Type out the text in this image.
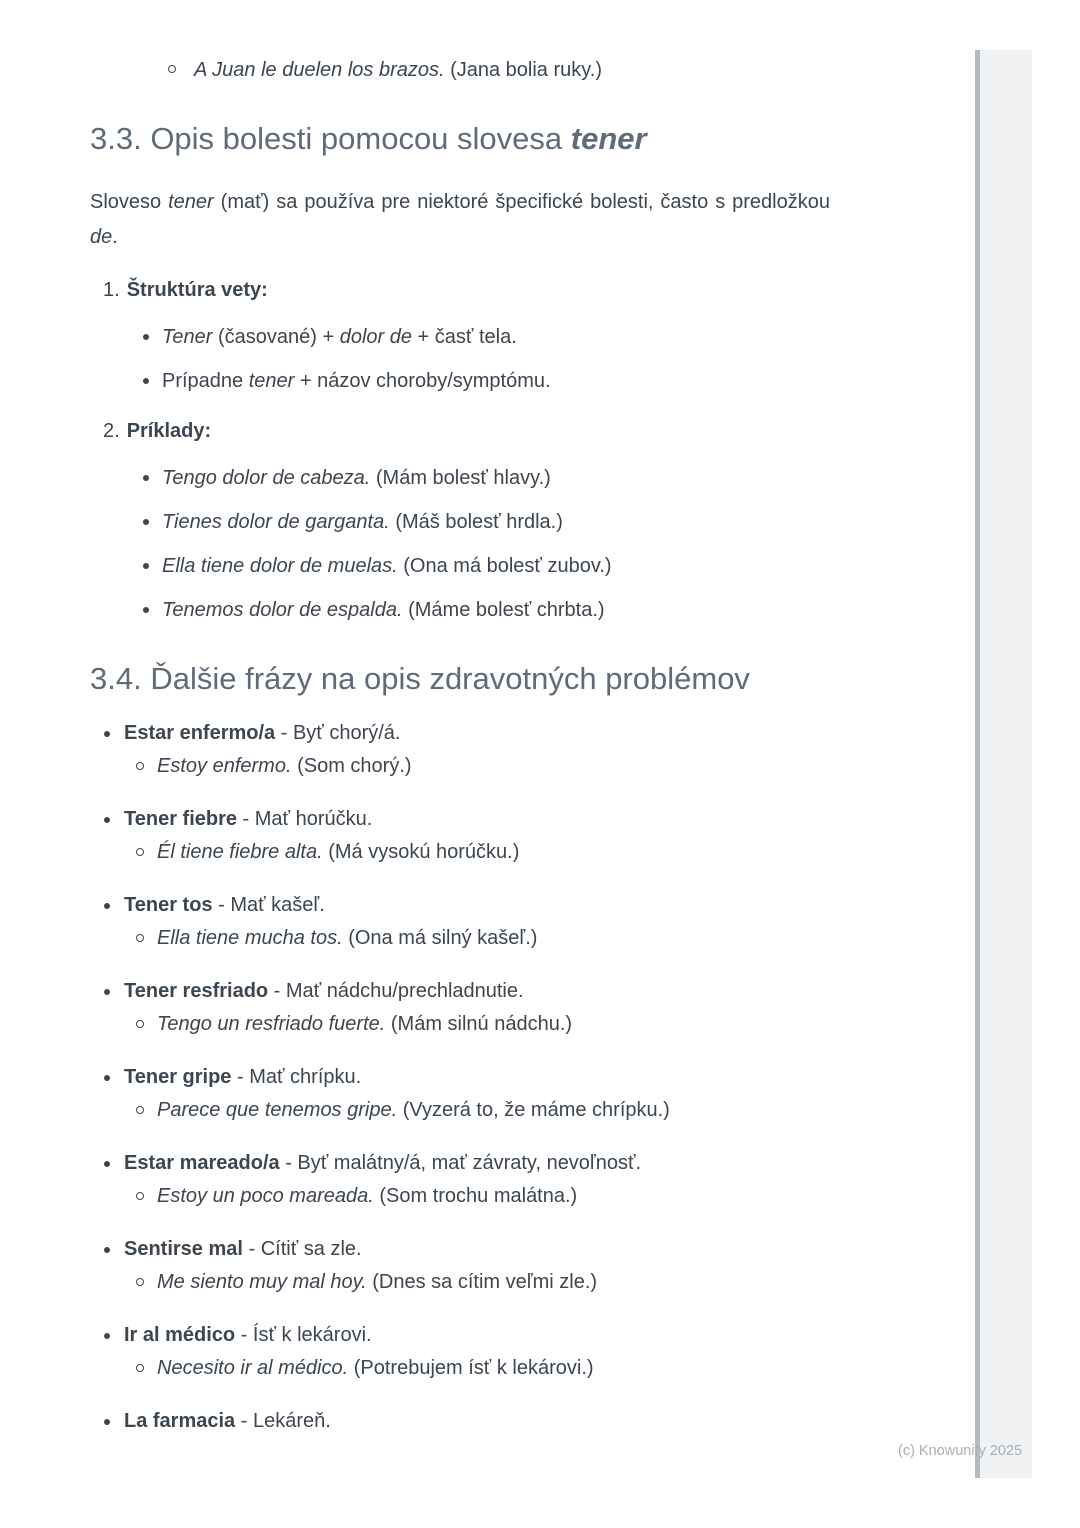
A Juan le duelen los brazos. (Jana bolia ruky.)
3.3. Opis bolesti pomocou slovesa tener

Sloveso tener (mať) sa používa pre niektoré špecifické bolesti, často s predložkou de.

1. Štruktúra vety:
Tener (časované) + dolor de + časť tela.
Prípadne tener + názov choroby/symptómu.
2. Príklady:
Tengo dolor de cabeza. (Mám bolesť hlavy.)
Tienes dolor de garganta. (Máš bolesť hrdla.)
Ella tiene dolor de muelas. (Ona má bolesť zubov.)
Tenemos dolor de espalda. (Máme bolesť chrbta.)
3.4. Ďalšie frázy na opis zdravotných problémov
Estar enfermo/a - Byť chorý/á.
Estoy enfermo. (Som chorý.)
Tener fiebre - Mať horúčku.
Él tiene fiebre alta. (Má vysokú horúčku.)
Tener tos - Mať kašeľ.
Ella tiene mucha tos. (Ona má silný kašeľ.)
Tener resfriado - Mať nádchu/prechladnutie.
Tengo un resfriado fuerte. (Mám silnú nádchu.)
Tener gripe - Mať chrípku.
Parece que tenemos gripe. (Vyzerá to, že máme chrípku.)
Estar mareado/a - Byť malátny/á, mať závraty, nevoľnosť.
Estoy un poco mareada. (Som trochu malátna.)
Sentirse mal - Cítiť sa zle.
Me siento muy mal hoy. (Dnes sa cítim veľmi zle.)
Ir al médico - Ísť k lekárovi.
Necesito ir al médico. (Potrebujem ísť k lekárovi.)
La farmacia - Lekáreň.
(c) Knowunity 2025
